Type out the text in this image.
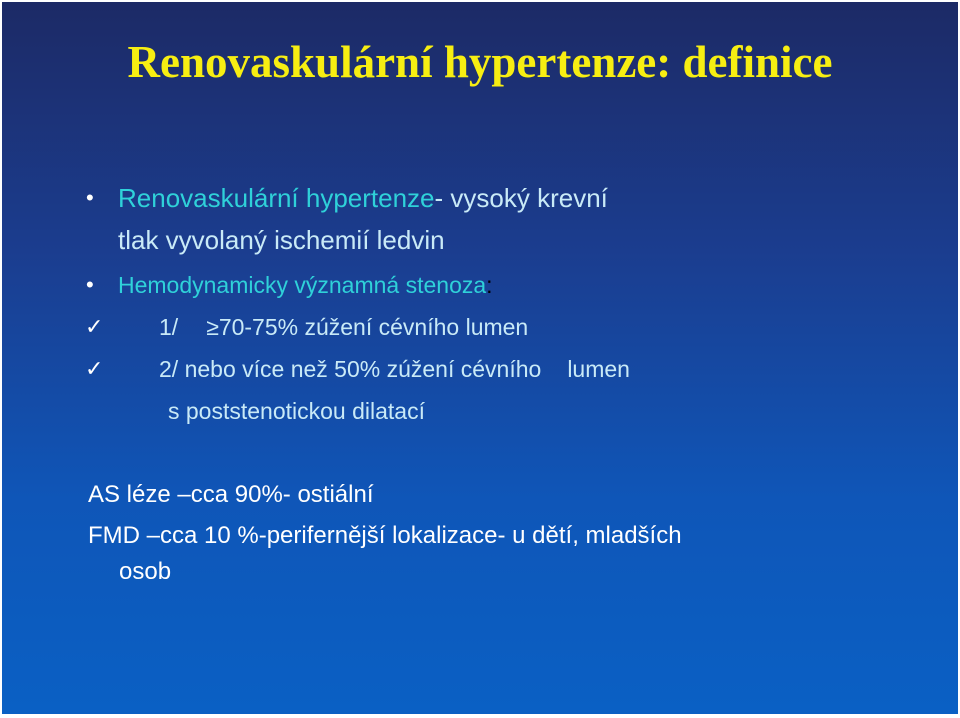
Renovaskulární hypertenze: definice
• Renovaskulární hypertenze- vysoký krevní
tlak vyvolaný ischemií ledvin
• Hemodynamicky významná stenoza:
✓ 1/ ≥70-75% zúžení cévního lumen
✓ 2/ nebo více než 50% zúžení cévního lumen
s poststenotickou dilatací
AS léze –cca 90%- ostiální
FMD –cca 10 %-perifernější lokalizace- u dětí, mladších
osob
